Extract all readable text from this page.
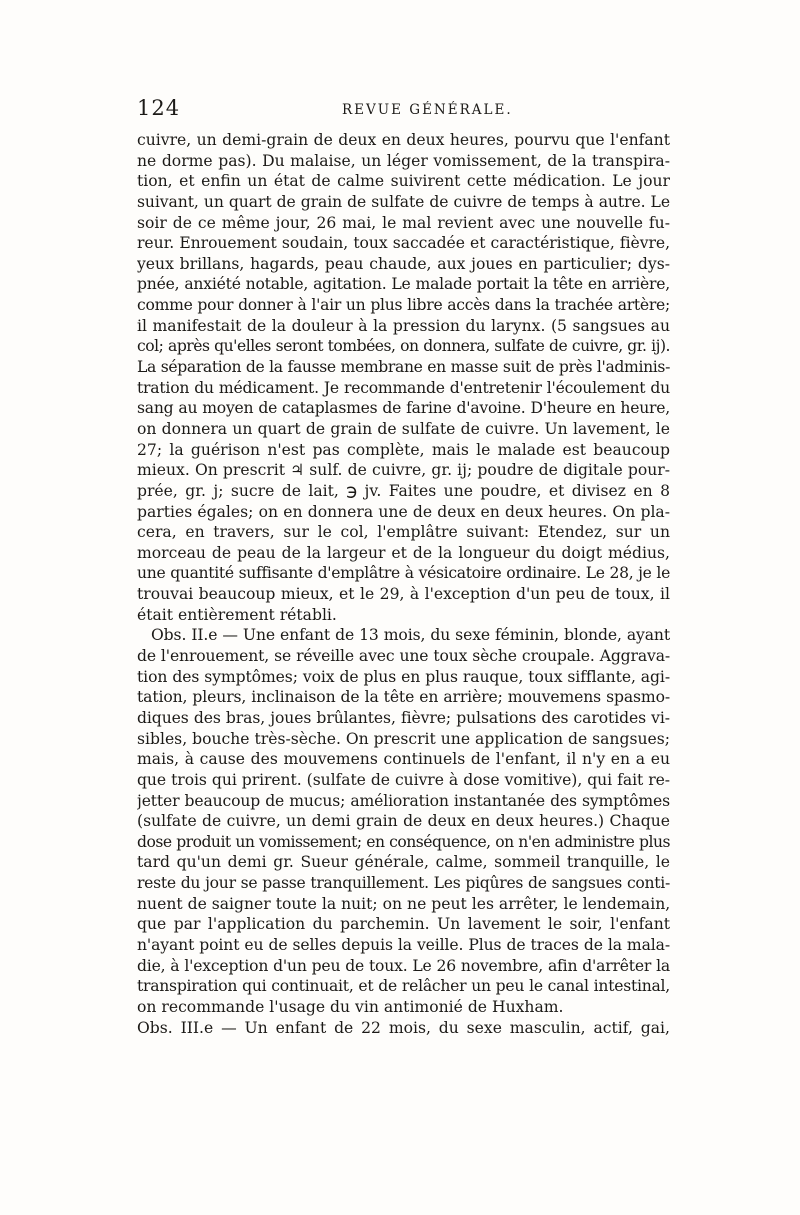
124	REVUE GÉNÉRALE.
cuivre, un demi-grain de deux en deux heures, pourvu que l'enfant
ne dorme pas). Du malaise, un léger vomissement, de la transpira-
tion, et enfin un état de calme suivirent cette médication. Le jour
suivant, un quart de grain de sulfate de cuivre de temps à autre. Le
soir de ce même jour, 26 mai, le mal revient avec une nouvelle fu-
reur. Enrouement soudain, toux saccadée et caractéristique, fièvre,
yeux brillans, hagards, peau chaude, aux joues en particulier; dys-
pnée, anxiété notable, agitation. Le malade portait la tête en arrière,
comme pour donner à l'air un plus libre accès dans la trachée artère;
il manifestait de la douleur à la pression du larynx. (5 sangsues au
col; après qu'elles seront tombées, on donnera, sulfate de cuivre, gr. ij).
La séparation de la fausse membrane en masse suit de près l'adminis-
tration du médicament. Je recommande d'entretenir l'écoulement du
sang au moyen de cataplasmes de farine d'avoine. D'heure en heure,
on donnera un quart de grain de sulfate de cuivre. Un lavement, le
27; la guérison n'est pas complète, mais le malade est beaucoup
mieux. On prescrit ♃ sulf. de cuivre, gr. ij; poudre de digitale pour-
prée, gr. j; sucre de lait, ℈ jv. Faites une poudre, et divisez en 8
parties égales; on en donnera une de deux en deux heures. On pla-
cera, en travers, sur le col, l'emplâtre suivant: Etendez, sur un
morceau de peau de la largeur et de la longueur du doigt médius,
une quantité suffisante d'emplâtre à vésicatoire ordinaire. Le 28, je le
trouvai beaucoup mieux, et le 29, à l'exception d'un peu de toux, il
était entièrement rétabli.
Obs. II.e — Une enfant de 13 mois, du sexe féminin, blonde, ayant
de l'enrouement, se réveille avec une toux sèche croupale. Aggrava-
tion des symptômes; voix de plus en plus rauque, toux sifflante, agi-
tation, pleurs, inclinaison de la tête en arrière; mouvemens spasmo-
diques des bras, joues brûlantes, fièvre; pulsations des carotides vi-
sibles, bouche très-sèche. On prescrit une application de sangsues;
mais, à cause des mouvemens continuels de l'enfant, il n'y en a eu
que trois qui prirent. (sulfate de cuivre à dose vomitive), qui fait re-
jetter beaucoup de mucus; amélioration instantanée des symptômes
(sulfate de cuivre, un demi grain de deux en deux heures.) Chaque
dose produit un vomissement; en conséquence, on n'en administre plus
tard qu'un demi gr. Sueur générale, calme, sommeil tranquille, le
reste du jour se passe tranquillement. Les piqûres de sangsues conti-
nuent de saigner toute la nuit; on ne peut les arrêter, le lendemain,
que par l'application du parchemin. Un lavement le soir, l'enfant
n'ayant point eu de selles depuis la veille. Plus de traces de la mala-
die, à l'exception d'un peu de toux. Le 26 novembre, afin d'arrêter la
transpiration qui continuait, et de relâcher un peu le canal intestinal,
on recommande l'usage du vin antimonié de Huxham.
Obs. III.e — Un enfant de 22 mois, du sexe masculin, actif, gai,
